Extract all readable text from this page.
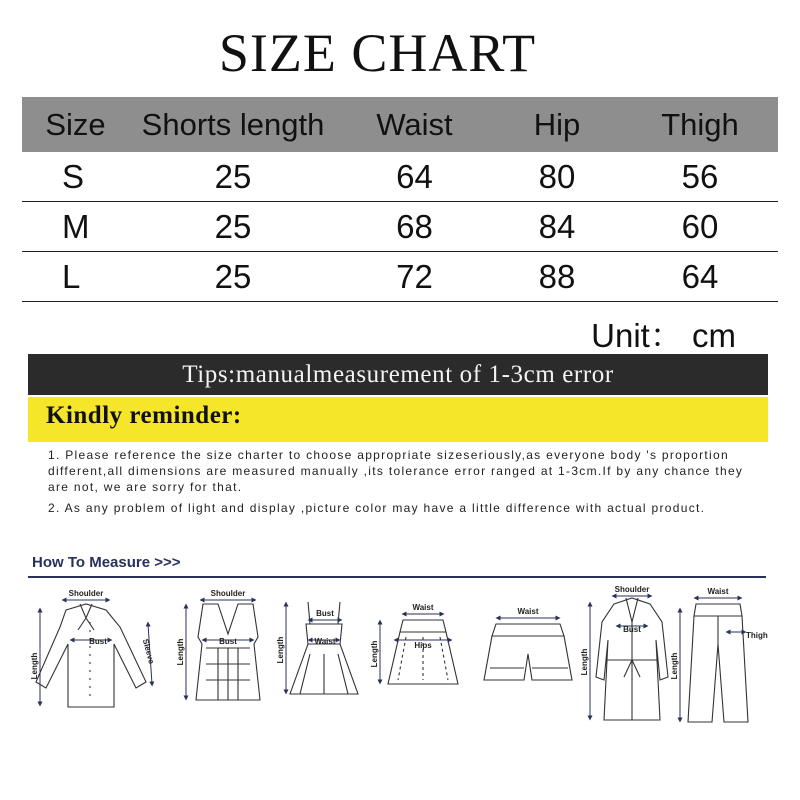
SIZE CHART
Size	Shorts length	Waist	Hip	Thigh
S	25	64	80	56
M	25	68	84	60
L	25	72	88	64
Unit： cm
Tips:manualmeasurement of 1-3cm error
Kindly reminder:
1. Please reference the size charter to choose appropriate sizeseriously,as everyone body 's proportion different,all dimensions are measured manually ,its tolerance error ranged at 1-3cm.If by any chance they are not, we are sorry for that.
2. As any problem of light and display ,picture color may have a little difference with actual product.
How To Measure >>>
Shoulder
Bust
Length
Sleeve
Shoulder
Bust
Length
Bust
Waist
Length
Waist
Hips
Length
Waist
Shoulder
Bust
Length
Waist
Thigh
Length
